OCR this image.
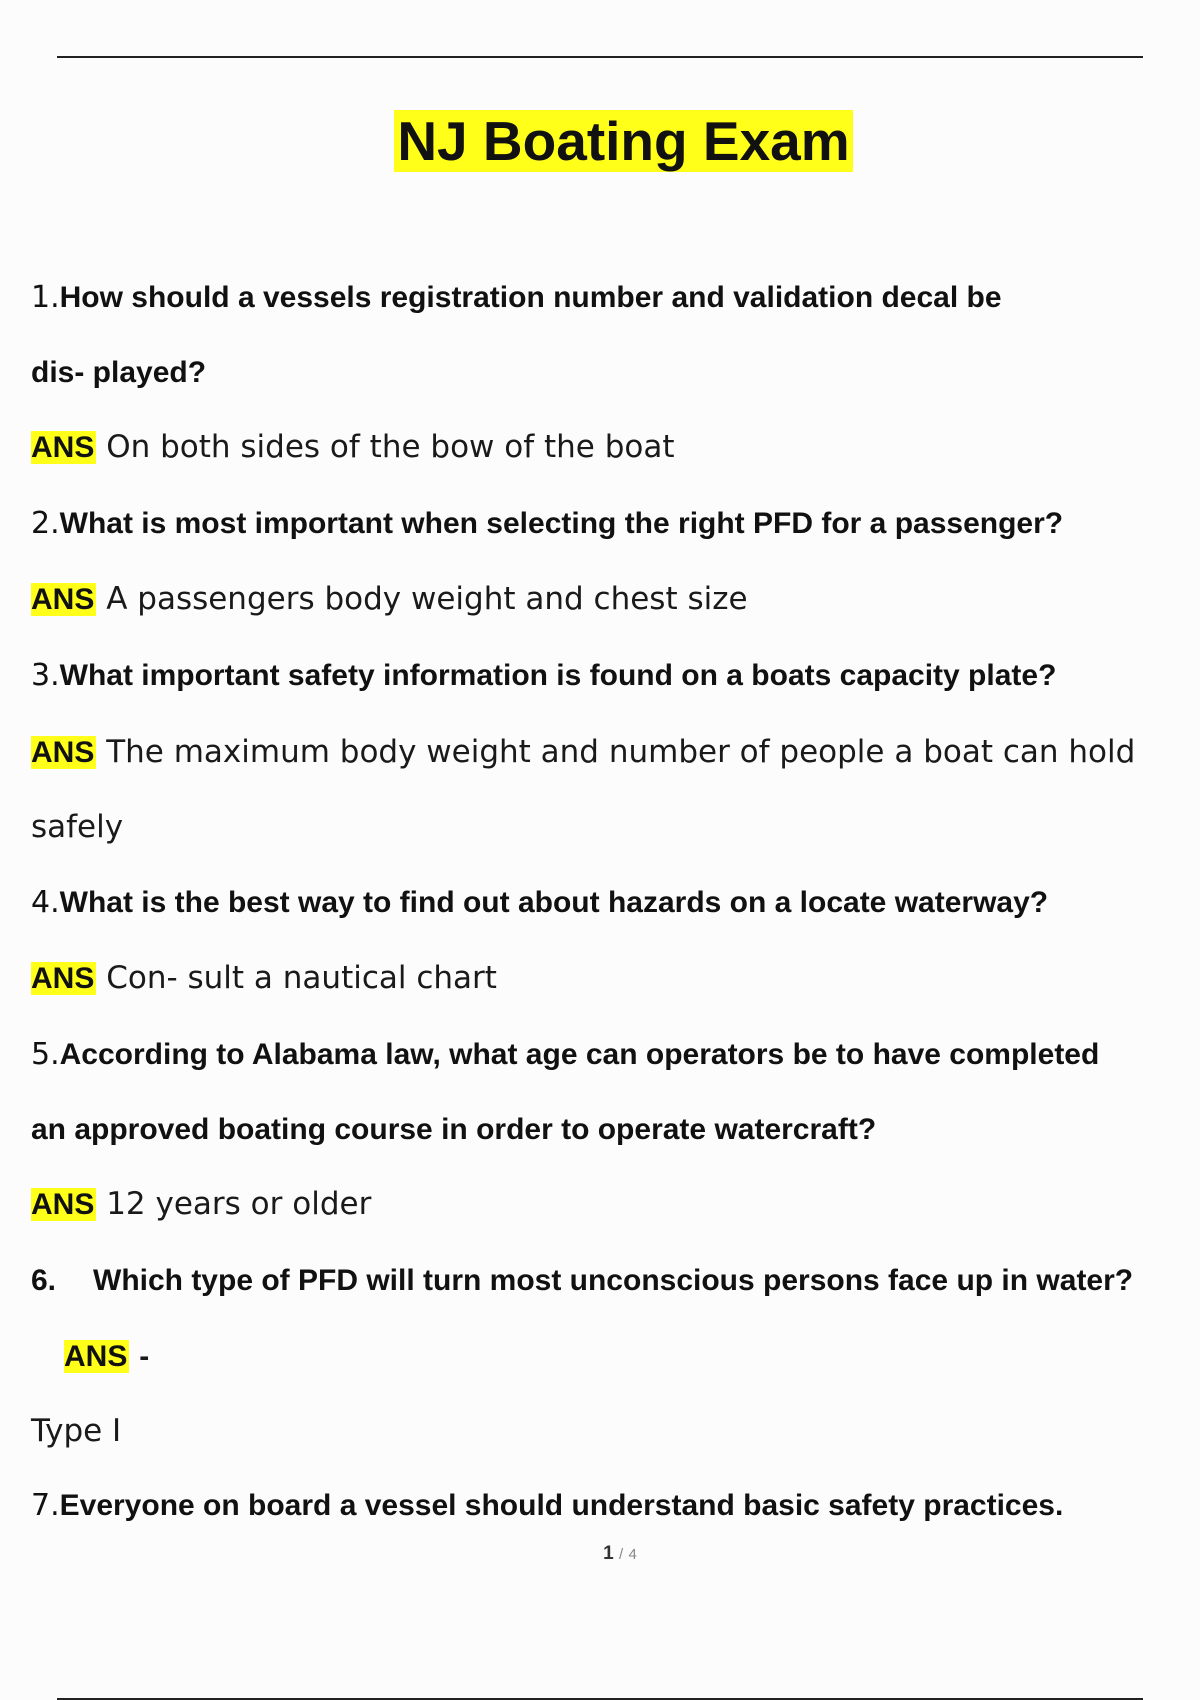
NJ Boating Exam

1.How should a vessels registration number and validation decal be

dis- played?

ANS On both sides of the bow of the boat

2.What is most important when selecting the right PFD for a passenger?

ANS A passengers body weight and chest size

3.What important safety information is found on a boats capacity plate?

ANS The maximum body weight and number of people a boat can hold

safely

4.What is the best way to find out about hazards on a locate waterway?

ANS Con- sult a nautical chart

5.According to Alabama law, what age can operators be to have completed

an approved boating course in order to operate watercraft?

ANS 12 years or older

6. Which type of PFD will turn most unconscious persons face up in water?

ANS -

Type I

7.Everyone on board a vessel should understand basic safety practices.

1 / 4
